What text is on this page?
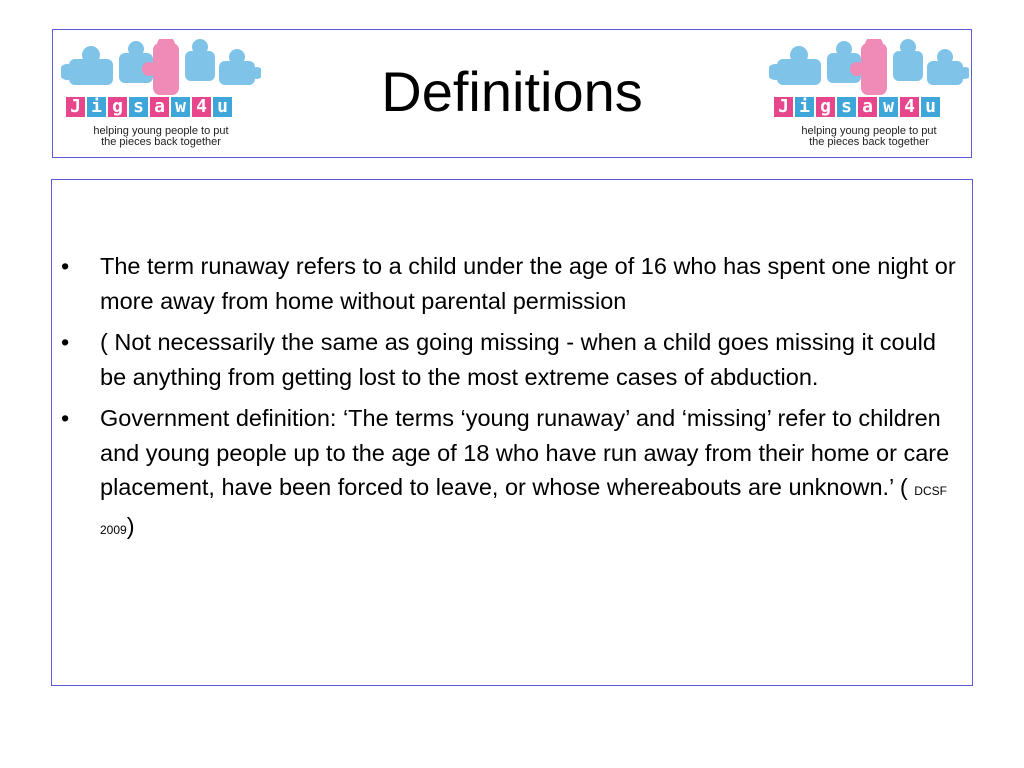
J i g s a w 4 u
helping young people to put
the pieces back together
Definitions	J i g s a w 4 u
helping young people to put
the pieces back together
• The term runaway refers to a child under the age of 16 who has spent one night or more away from home without parental permission
• ( Not necessarily the same as going missing - when a child goes missing it could be anything from getting lost to the most extreme cases of abduction.
• Government definition: ‘The terms ‘young runaway’ and ‘missing’ refer to children and young people up to the age of 18 who have run away from their home or care placement, have been forced to leave, or whose whereabouts are unknown.’ ( DCSF 2009)
